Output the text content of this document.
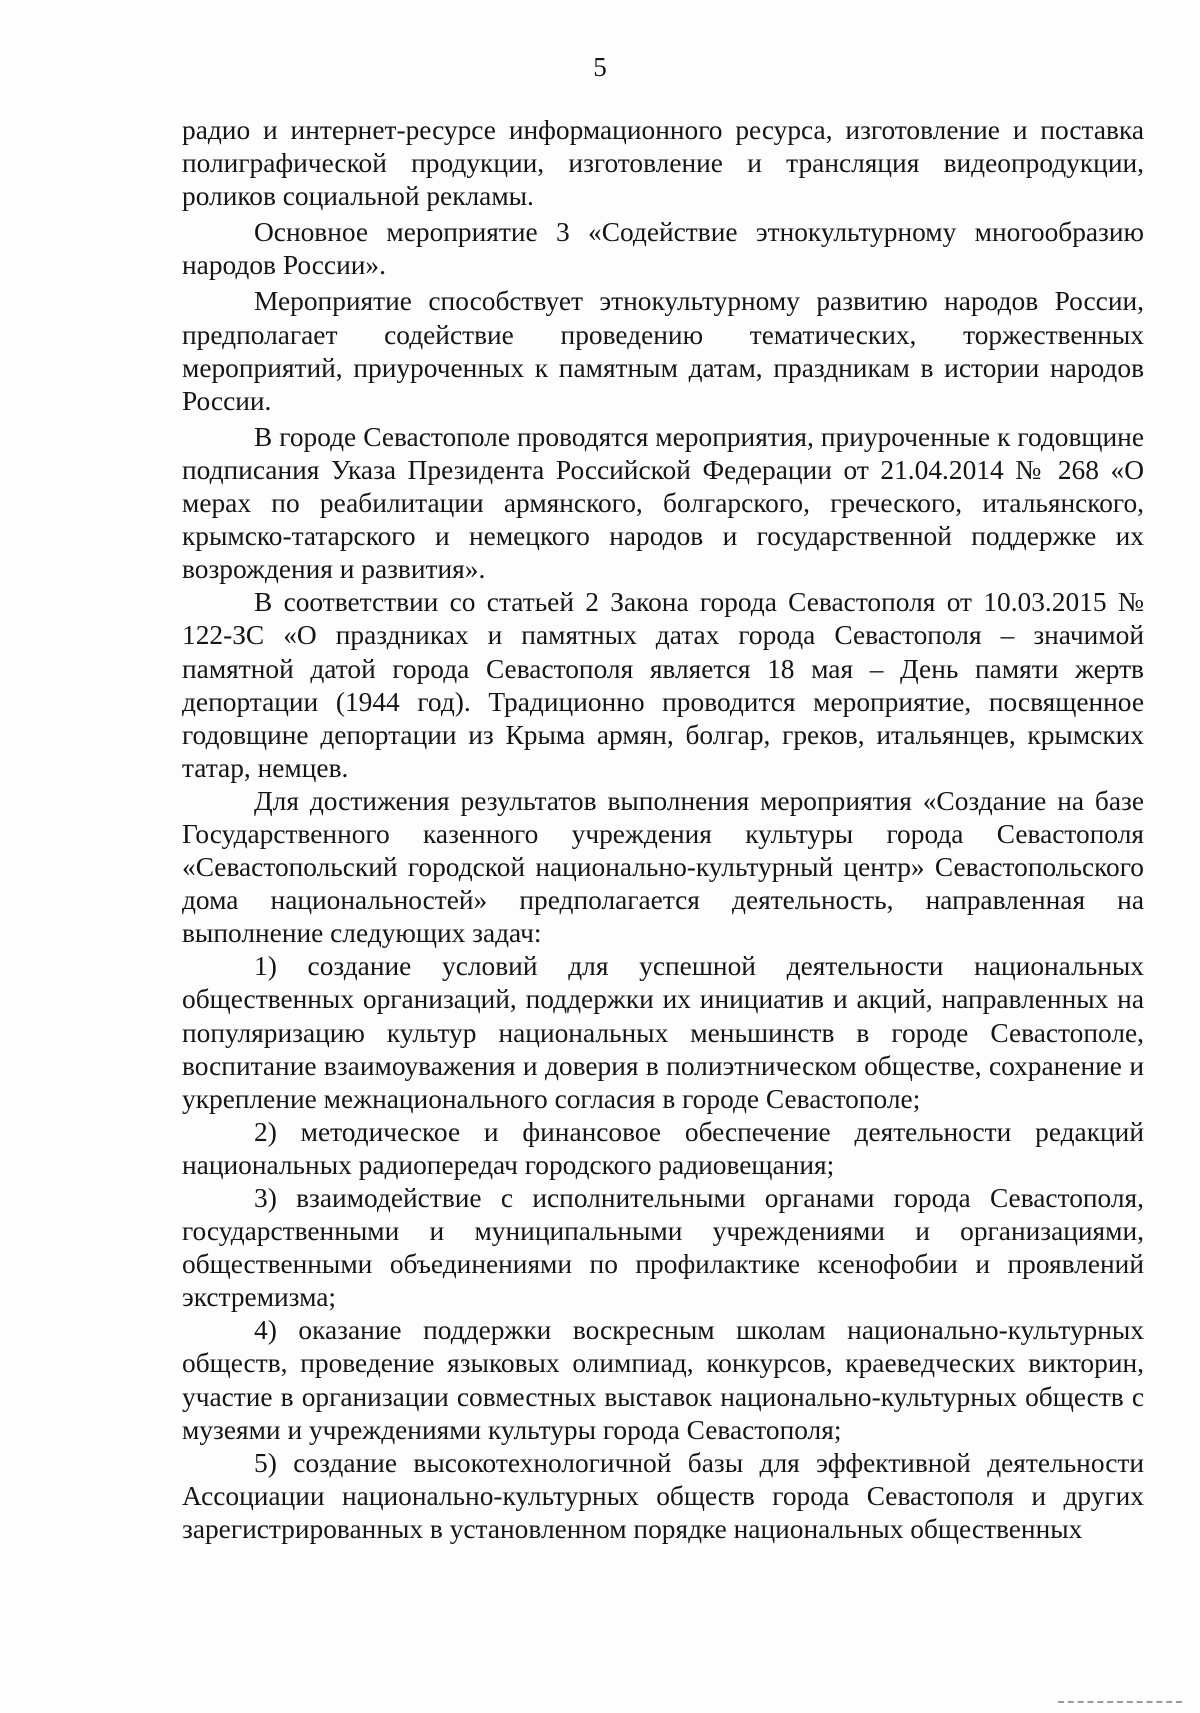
5

радио и интернет-ресурсе информационного ресурса, изготовление и поставка полиграфической продукции, изготовление и трансляция видеопродукции, роликов социальной рекламы.

Основное мероприятие 3 «Содействие этнокультурному многообразию народов России».

Мероприятие способствует этнокультурному развитию народов России, предполагает содействие проведению тематических, торжественных мероприятий, приуроченных к памятным датам, праздникам в истории народов России.

В городе Севастополе проводятся мероприятия, приуроченные к годовщине подписания Указа Президента Российской Федерации от 21.04.2014 № 268 «О мерах по реабилитации армянского, болгарского, греческого, итальянского, крымско-татарского и немецкого народов и государственной поддержке их возрождения и развития».

В соответствии со статьей 2 Закона города Севастополя от 10.03.2015 № 122-ЗС «О праздниках и памятных датах города Севастополя – значимой памятной датой города Севастополя является 18 мая – День памяти жертв депортации (1944 год). Традиционно проводится мероприятие, посвященное годовщине депортации из Крыма армян, болгар, греков, итальянцев, крымских татар, немцев.

Для достижения результатов выполнения мероприятия «Создание на базе Государственного казенного учреждения культуры города Севастополя «Севастопольский городской национально-культурный центр» Севастопольского дома национальностей» предполагается деятельность, направленная на выполнение следующих задач:

1) создание условий для успешной деятельности национальных общественных организаций, поддержки их инициатив и акций, направленных на популяризацию культур национальных меньшинств в городе Севастополе, воспитание взаимоуважения и доверия в полиэтническом обществе, сохранение и укрепление межнационального согласия в городе Севастополе;

2) методическое и финансовое обеспечение деятельности редакций национальных радиопередач городского радиовещания;

3) взаимодействие с исполнительными органами города Севастополя, государственными и муниципальными учреждениями и организациями, общественными объединениями по профилактике ксенофобии и проявлений экстремизма;

4) оказание поддержки воскресным школам национально-культурных обществ, проведение языковых олимпиад, конкурсов, краеведческих викторин, участие в организации совместных выставок национально-культурных обществ с музеями и учреждениями культуры города Севастополя;

5) создание высокотехнологичной базы для эффективной деятельности Ассоциации национально-культурных обществ города Севастополя и других зарегистрированных в установленном порядке национальных общественных
